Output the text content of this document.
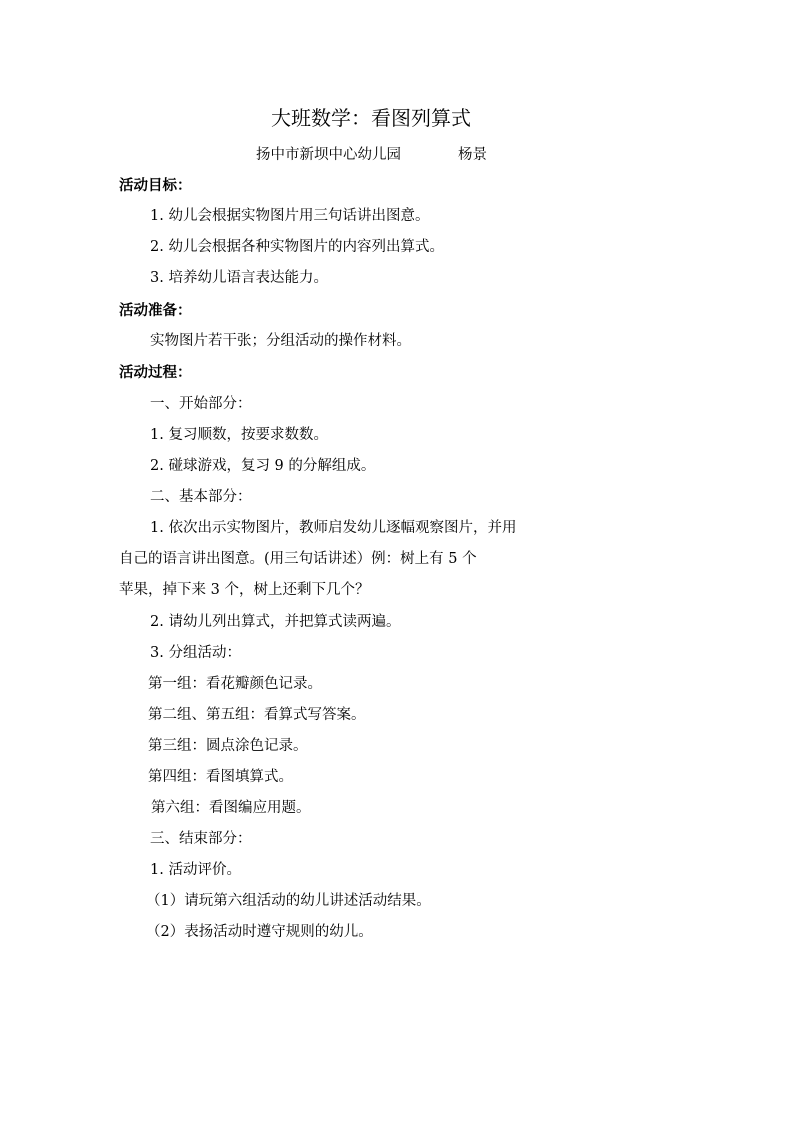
大班数学：看图列算式
扬中市新坝中心幼儿园	杨景
活动目标：
1. 幼儿会根据实物图片用三句话讲出图意。
2. 幼儿会根据各种实物图片的内容列出算式。
3. 培养幼儿语言表达能力。
活动准备：
实物图片若干张；分组活动的操作材料。
活动过程：
一、开始部分：
1. 复习顺数，按要求数数。
2. 碰球游戏，复习 9 的分解组成。
二、基本部分：
1. 依次出示实物图片，教师启发幼儿逐幅观察图片，并用
自己的语言讲出图意。(用三句话讲述）例：树上有 5 个
苹果，掉下来 3 个，树上还剩下几个？
2. 请幼儿列出算式，并把算式读两遍。
3. 分组活动：
第一组：看花瓣颜色记录。
第二组、第五组：看算式写答案。
第三组：圆点涂色记录。
第四组：看图填算式。
第六组：看图编应用题。
三、结束部分：
1. 活动评价。
（1）请玩第六组活动的幼儿讲述活动结果。
（2）表扬活动时遵守规则的幼儿。
